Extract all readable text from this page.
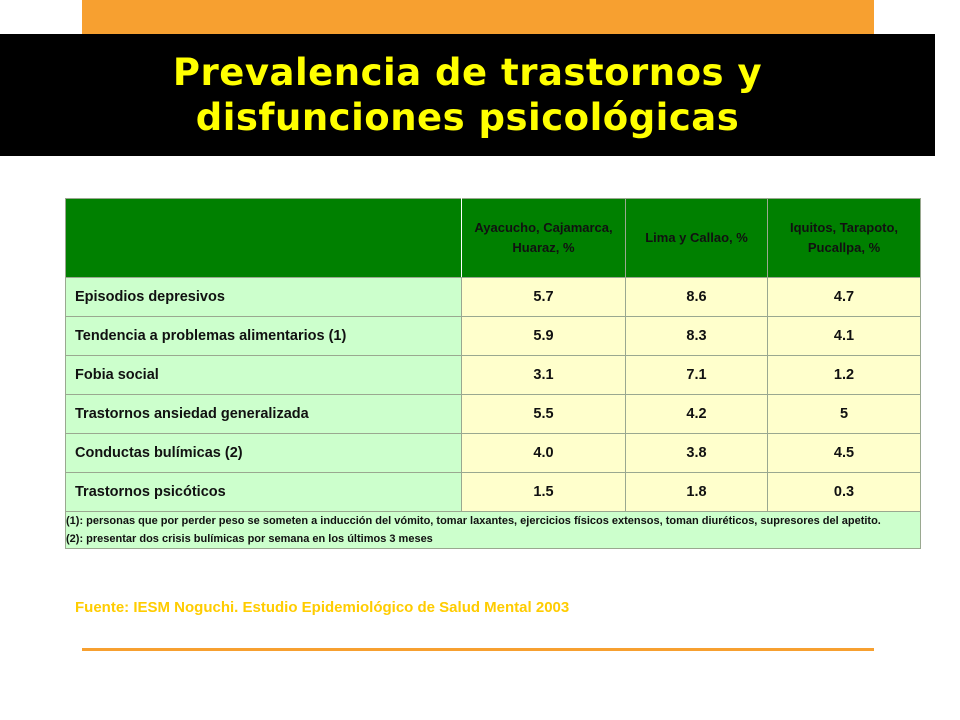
Prevalencia de trastornos y
disfunciones psicológicas
	Ayacucho, Cajamarca, Huaraz, %	Lima y Callao, %	Iquitos, Tarapoto, Pucallpa, %
Episodios depresivos	5.7	8.6	4.7
Tendencia a problemas alimentarios (1)	5.9	8.3	4.1
Fobia social	3.1	7.1	1.2
Trastornos ansiedad generalizada	5.5	4.2	5
Conductas bulímicas (2)	4.0	3.8	4.5
Trastornos psicóticos	1.5	1.8	0.3

(1): personas que por perder peso se someten a inducción del vómito, tomar laxantes, ejercicios físicos extensos, toman diuréticos, supresores del apetito.
(2): presentar dos crisis bulímicas por semana en los últimos 3 meses			
Fuente: IESM Noguchi. Estudio Epidemiológico de Salud Mental 2003
